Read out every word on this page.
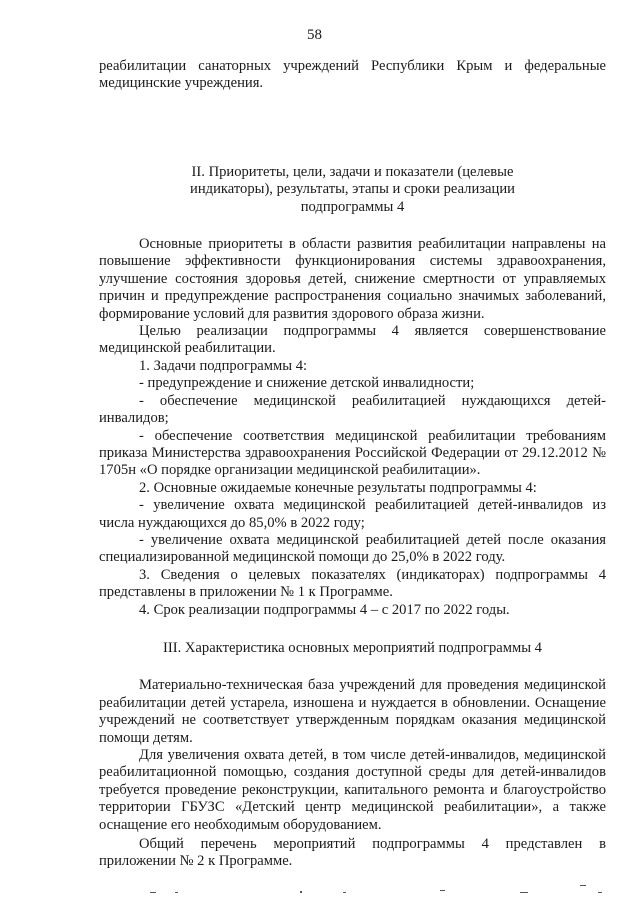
58

реабилитации санаторных учреждений Республики Крым и федеральные медицинские учреждения.

II. Приоритеты, цели, задачи и показатели (целевые индикаторы), результаты, этапы и сроки реализации подпрограммы 4

Основные приоритеты в области развития реабилитации направлены на повышение эффективности функционирования системы здравоохранения, улучшение состояния здоровья детей, снижение смертности от управляемых причин и предупреждение распространения социально значимых заболеваний, формирование условий для развития здорового образа жизни.

Целью реализации подпрограммы 4 является совершенствование медицинской реабилитации.

1. Задачи подпрограммы 4:

- предупреждение и снижение детской инвалидности;

- обеспечение медицинской реабилитацией нуждающихся детей-инвалидов;

- обеспечение соответствия медицинской реабилитации требованиям приказа Министерства здравоохранения Российской Федерации от 29.12.2012 № 1705н «О порядке организации медицинской реабилитации».

2. Основные ожидаемые конечные результаты подпрограммы 4:

- увеличение охвата медицинской реабилитацией детей-инвалидов из числа нуждающихся до 85,0% в 2022 году;

- увеличение охвата медицинской реабилитацией детей после оказания специализированной медицинской помощи до 25,0% в 2022 году.

3. Сведения о целевых показателях (индикаторах) подпрограммы 4 представлены в приложении № 1 к Программе.

4. Срок реализации подпрограммы 4 – с 2017 по 2022 годы.

III. Характеристика основных мероприятий подпрограммы 4

Материально-техническая база учреждений для проведения медицинской реабилитации детей устарела, изношена и нуждается в обновлении. Оснащение учреждений не соответствует утвержденным порядкам оказания медицинской помощи детям.

Для увеличения охвата детей, в том числе детей-инвалидов, медицинской реабилитационной помощью, создания доступной среды для детей-инвалидов требуется проведение реконструкции, капитального ремонта и благоустройство территории ГБУЗС «Детский центр медицинской реабилитации», а также оснащение его необходимым оборудованием.

Общий перечень мероприятий подпрограммы 4 представлен в приложении № 2 к Программе.
